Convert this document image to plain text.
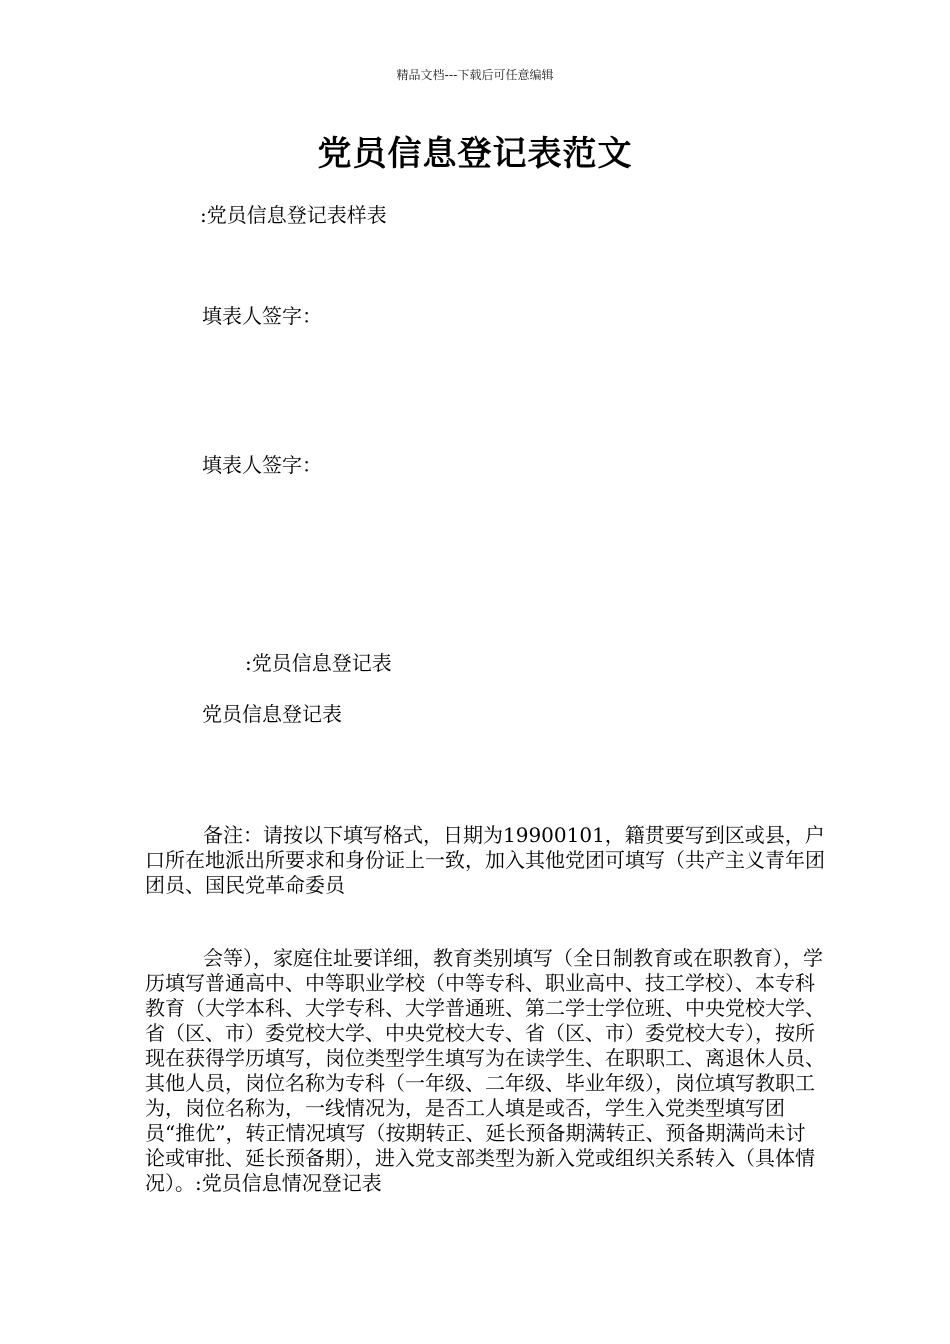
精品文档---下载后可任意编辑
党员信息登记表范文
:党员信息登记表样表
填表人签字：
填表人签字：
:党员信息登记表
党员信息登记表
备注：请按以下填写格式，日期为19900101，籍贯要写到区或县，户口所在地派出所要求和身份证上一致，加入其他党团可填写（共产主义青年团团员、国民党革命委员
会等），家庭住址要详细，教育类别填写（全日制教育或在职教育），学历填写普通高中、中等职业学校（中等专科、职业高中、技工学校）、本专科教育（大学本科、大学专科、大学普通班、第二学士学位班、中央党校大学、省（区、市）委党校大学、中央党校大专、省（区、市）委党校大专），按所现在获得学历填写，岗位类型学生填写为在读学生、在职职工、离退休人员、其他人员，岗位名称为专科（一年级、二年级、毕业年级），岗位填写教职工为，岗位名称为，一线情况为，是否工人填是或否，学生入党类型填写团员“推优”，转正情况填写（按期转正、延长预备期满转正、预备期满尚未讨论或审批、延长预备期），进入党支部类型为新入党或组织关系转入（具体情况）。:党员信息情况登记表
